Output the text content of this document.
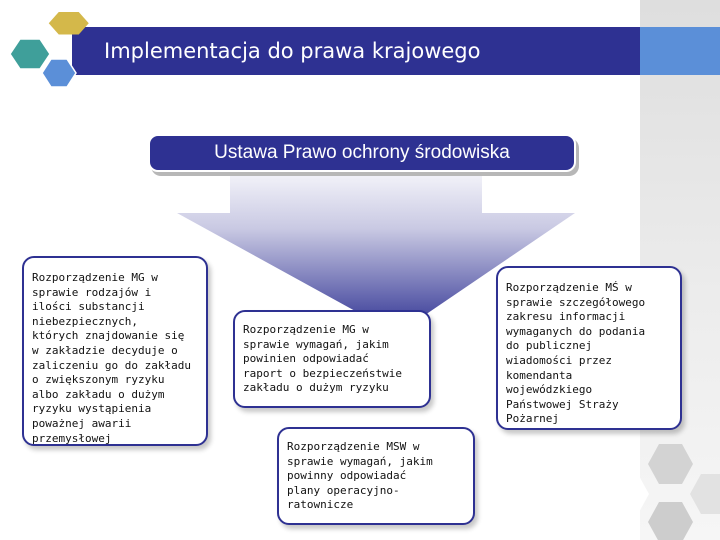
Implementacja do prawa krajowego
Ustawa Prawo ochrony środowiska
Rozporządzenie MG w
sprawie rodzajów i
ilości substancji
niebezpiecznych,
których znajdowanie się
w zakładzie decyduje o
zaliczeniu go do zakładu
o zwiększonym ryzyku
albo zakładu o dużym
ryzyku wystąpienia
poważnej awarii
przemysłowej
Rozporządzenie MG w
sprawie wymagań, jakim
powinien odpowiadać
raport o bezpieczeństwie
zakładu o dużym ryzyku
Rozporządzenie MŚ w
sprawie szczegółowego
zakresu informacji
wymaganych do podania
do publicznej
wiadomości przez
komendanta
wojewódzkiego
Państwowej Straży
Pożarnej
Rozporządzenie MSW w
sprawie wymagań, jakim
powinny odpowiadać
plany operacyjno-
ratownicze
